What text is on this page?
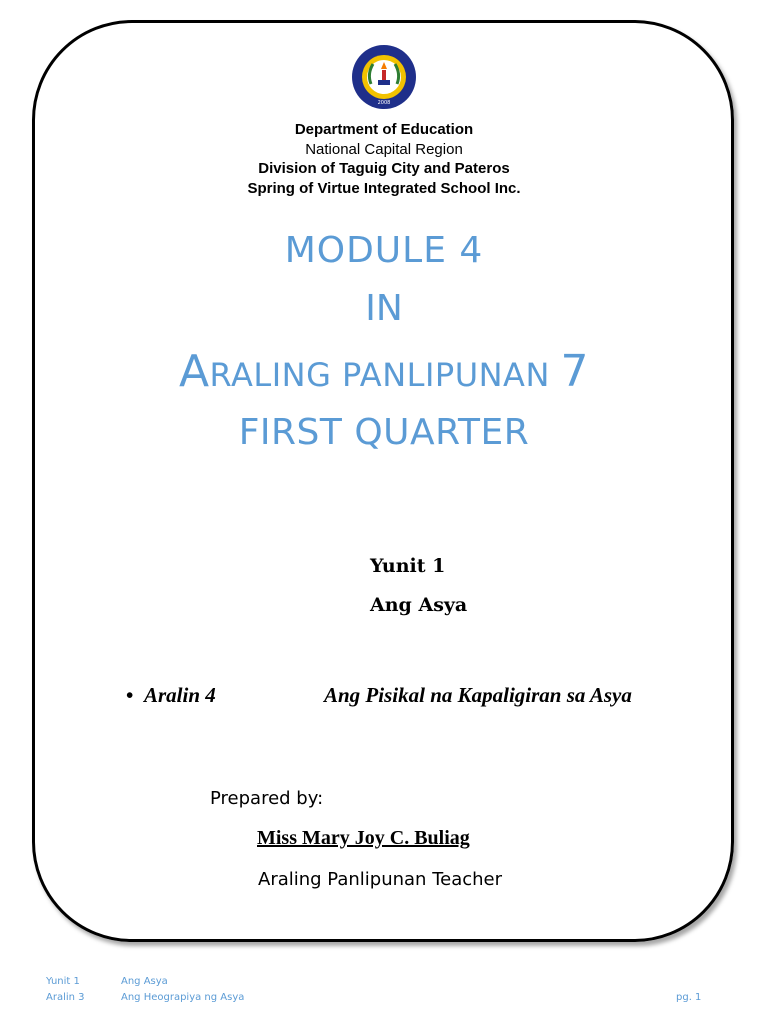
2008
Department of Education
National Capital Region
Division of Taguig City and Pateros
Spring of Virtue Integrated School Inc.
MODULE 4
IN
ARALING PANLIPUNAN 7
FIRST QUARTER
Yunit 1
Ang Asya
• Aralin 4	Ang Pisikal na Kapaligiran sa Asya
Prepared by:
Miss Mary Joy C. Buliag
Araling Panlipunan Teacher
Yunit 1	Ang Asya
Aralin 3	Ang Heograpiya ng Asya	pg. 1
